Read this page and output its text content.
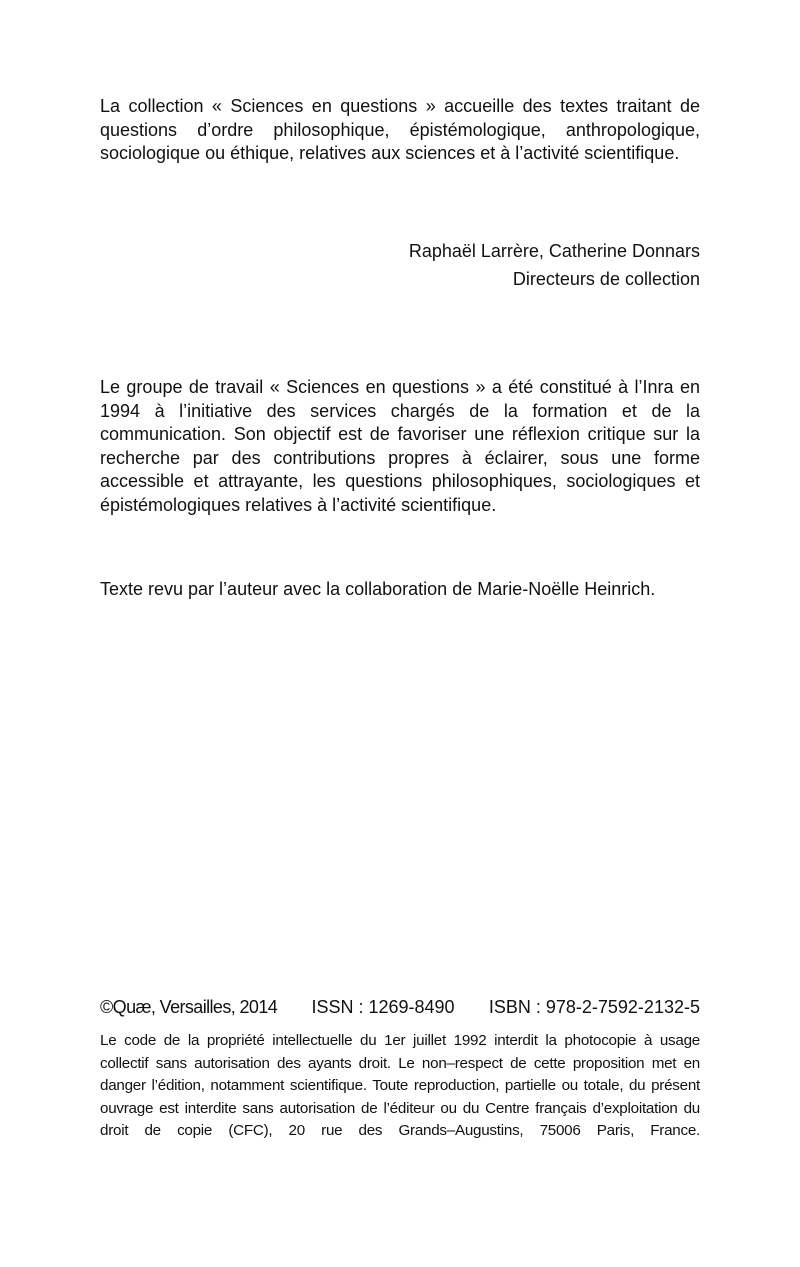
La collection « Sciences en questions » accueille des textes traitant de questions d’ordre philosophique, épistémologique, anthropologique, sociologique ou éthique, relatives aux sciences et à l’activité scientifique.

Raphaël Larrère, Catherine Donnars
Directeurs de collection

Le groupe de travail « Sciences en questions » a été constitué à l’Inra en 1994 à l’initiative des services chargés de la formation et de la communication. Son objectif est de favoriser une réflexion critique sur la recherche par des contributions propres à éclairer, sous une forme accessible et attrayante, les questions philosophiques, sociologiques et épistémologiques relatives à l’activité scientifique.

Texte revu par l’auteur avec la collaboration de Marie-Noëlle Heinrich.

©Quæ, Versailles, 2014 ISSN : 1269-8490 ISBN : 978-2-7592-2132-5

Le code de la propriété intellectuelle du 1er juillet 1992 interdit la photocopie à usage collectif sans autorisation des ayants droit. Le non–respect de cette proposition met en danger l’édition, notamment scientifique. Toute reproduction, partielle ou totale, du présent ouvrage est interdite sans autorisation de l’éditeur ou du Centre français d’exploitation du droit de copie (CFC), 20 rue des Grands–Augustins, 75006 Paris, France.
